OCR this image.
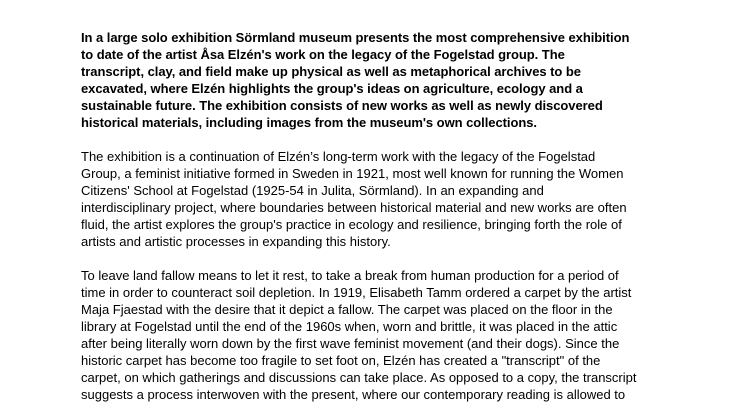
In a large solo exhibition Sörmland museum presents the most comprehensive exhibition
to date of the artist Åsa Elzén's work on the legacy of the Fogelstad group. The
transcript, clay, and field make up physical as well as metaphorical archives to be
excavated, where Elzén highlights the group's ideas on agriculture, ecology and a
sustainable future. The exhibition consists of new works as well as newly discovered
historical materials, including images from the museum's own collections.

The exhibition is a continuation of Elzén’s long-term work with the legacy of the Fogelstad
Group, a feminist initiative formed in Sweden in 1921, most well known for running the Women
Citizens' School at Fogelstad (1925-54 in Julita, Sörmland). In an expanding and
interdisciplinary project, where boundaries between historical material and new works are often
fluid, the artist explores the group's practice in ecology and resilience, bringing forth the role of
artists and artistic processes in expanding this history.

To leave land fallow means to let it rest, to take a break from human production for a period of
time in order to counteract soil depletion. In 1919, Elisabeth Tamm ordered a carpet by the artist
Maja Fjaestad with the desire that it depict a fallow. The carpet was placed on the floor in the
library at Fogelstad until the end of the 1960s when, worn and brittle, it was placed in the attic
after being literally worn down by the first wave feminist movement (and their dogs). Since the
historic carpet has become too fragile to set foot on, Elzén has created a "transcript" of the
carpet, on which gatherings and discussions can take place. As opposed to a copy, the transcript
suggests a process interwoven with the present, where our contemporary reading is allowed to
